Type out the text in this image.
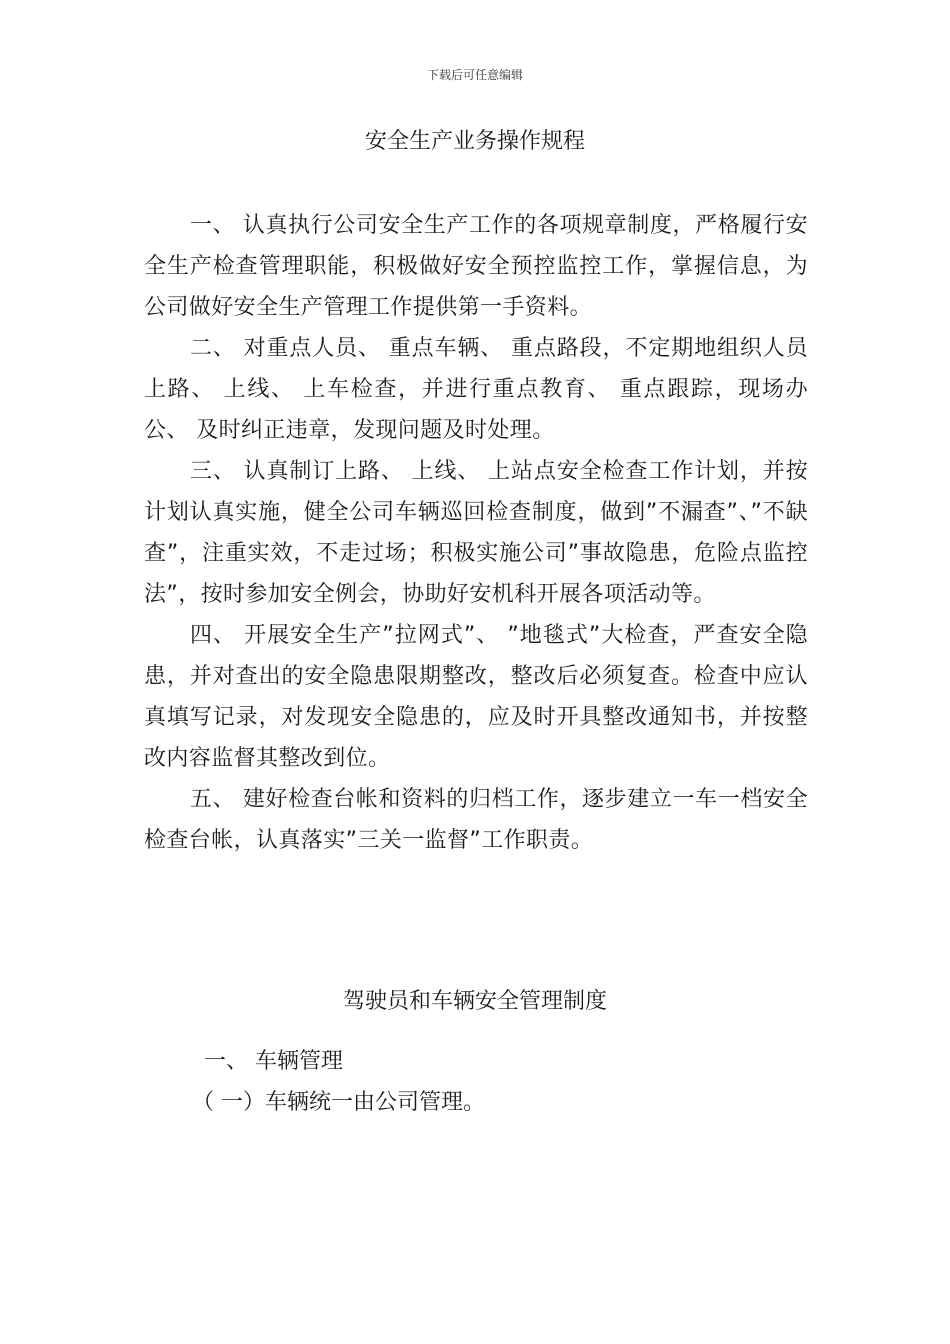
下载后可任意编辑
安全生产业务操作规程

一、 认真执行公司安全生产工作的各项规章制度，严格履行安全生产检查管理职能，积极做好安全预控监控工作，掌握信息，为公司做好安全生产管理工作提供第一手资料。

二、 对重点人员、 重点车辆、 重点路段，不定期地组织人员上路、 上线、 上车检查，并进行重点教育、 重点跟踪，现场办公、 及时纠正违章，发现问题及时处理。

三、 认真制订上路、 上线、 上站点安全检查工作计划，并按计划认真实施，健全公司车辆巡回检查制度，做到”不漏查”、”不缺查”，注重实效，不走过场；积极实施公司”事故隐患，危险点监控法”，按时参加安全例会，协助好安机科开展各项活动等。

四、 开展安全生产”拉网式”、 ”地毯式”大检查，严查安全隐患，并对查出的安全隐患限期整改，整改后必须复查。检查中应认真填写记录，对发现安全隐患的，应及时开具整改通知书，并按整改内容监督其整改到位。

五、 建好检查台帐和资料的归档工作，逐步建立一车一档安全检查台帐，认真落实”三关一监督”工作职责。

驾驶员和车辆安全管理制度
一、 车辆管理
（ 一）车辆统一由公司管理。
